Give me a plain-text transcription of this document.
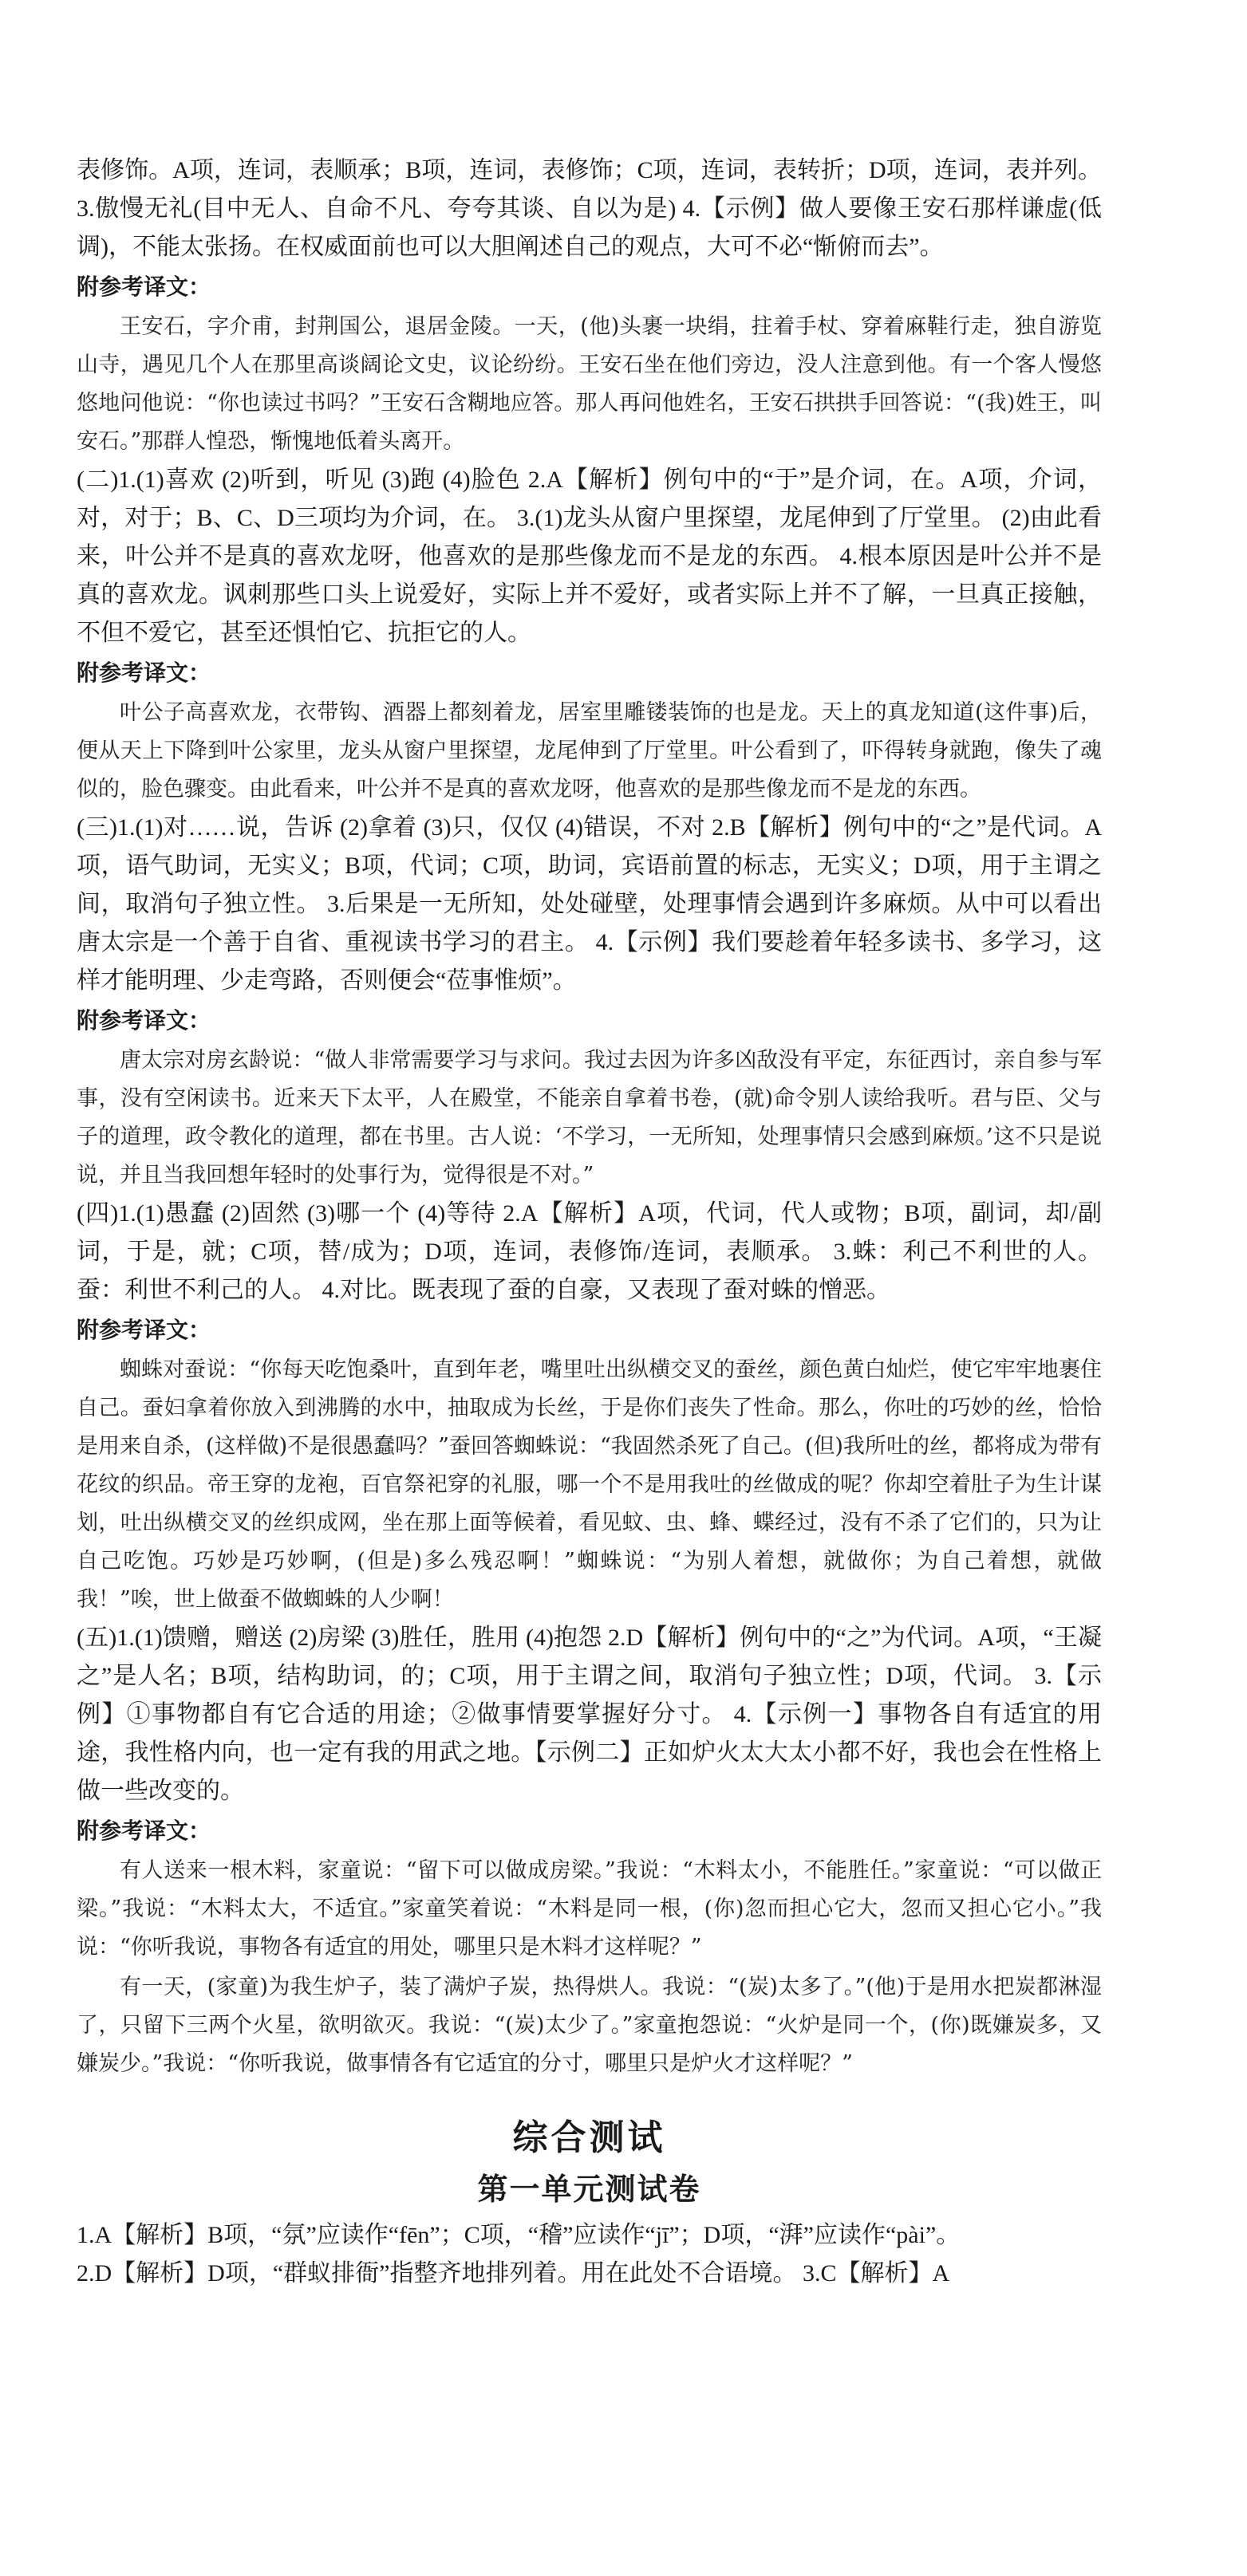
表修饰。A项，连词，表顺承；B项，连词，表修饰；C项，连词，表转折；D项，连词，表并列。 3.傲慢无礼(目中无人、自命不凡、夸夸其谈、自以为是) 4.【示例】做人要像王安石那样谦虚(低调)，不能太张扬。在权威面前也可以大胆阐述自己的观点，大可不必“惭俯而去”。

附参考译文：

王安石，字介甫，封荆国公，退居金陵。一天，(他)头裹一块绢，拄着手杖、穿着麻鞋行走，独自游览山寺，遇见几个人在那里高谈阔论文史，议论纷纷。王安石坐在他们旁边，没人注意到他。有一个客人慢悠悠地问他说：“你也读过书吗？”王安石含糊地应答。那人再问他姓名，王安石拱拱手回答说：“(我)姓王，叫安石。”那群人惶恐，惭愧地低着头离开。

(二)1.(1)喜欢 (2)听到，听见 (3)跑 (4)脸色 2.A【解析】例句中的“于”是介词，在。A项，介词，对，对于；B、C、D三项均为介词，在。 3.(1)龙头从窗户里探望，龙尾伸到了厅堂里。 (2)由此看来，叶公并不是真的喜欢龙呀，他喜欢的是那些像龙而不是龙的东西。 4.根本原因是叶公并不是真的喜欢龙。讽刺那些口头上说爱好，实际上并不爱好，或者实际上并不了解，一旦真正接触，不但不爱它，甚至还惧怕它、抗拒它的人。

附参考译文：

叶公子高喜欢龙，衣带钩、酒器上都刻着龙，居室里雕镂装饰的也是龙。天上的真龙知道(这件事)后，便从天上下降到叶公家里，龙头从窗户里探望，龙尾伸到了厅堂里。叶公看到了，吓得转身就跑，像失了魂似的，脸色骤变。由此看来，叶公并不是真的喜欢龙呀，他喜欢的是那些像龙而不是龙的东西。

(三)1.(1)对……说，告诉 (2)拿着 (3)只，仅仅 (4)错误，不对 2.B【解析】例句中的“之”是代词。A项，语气助词，无实义；B项，代词；C项，助词，宾语前置的标志，无实义；D项，用于主谓之间，取消句子独立性。 3.后果是一无所知，处处碰壁，处理事情会遇到许多麻烦。从中可以看出唐太宗是一个善于自省、重视读书学习的君主。 4.【示例】我们要趁着年轻多读书、多学习，这样才能明理、少走弯路，否则便会“莅事惟烦”。

附参考译文：

唐太宗对房玄龄说：“做人非常需要学习与求问。我过去因为许多凶敌没有平定，东征西讨，亲自参与军事，没有空闲读书。近来天下太平，人在殿堂，不能亲自拿着书卷，(就)命令别人读给我听。君与臣、父与子的道理，政令教化的道理，都在书里。古人说：‘不学习，一无所知，处理事情只会感到麻烦。’这不只是说说，并且当我回想年轻时的处事行为，觉得很是不对。”

(四)1.(1)愚蠢 (2)固然 (3)哪一个 (4)等待 2.A【解析】A项，代词，代人或物；B项，副词，却/副词，于是，就；C项，替/成为；D项，连词，表修饰/连词，表顺承。 3.蛛：利己不利世的人。蚕：利世不利己的人。 4.对比。既表现了蚕的自豪，又表现了蚕对蛛的憎恶。

附参考译文：

蜘蛛对蚕说：“你每天吃饱桑叶，直到年老，嘴里吐出纵横交叉的蚕丝，颜色黄白灿烂，使它牢牢地裹住自己。蚕妇拿着你放入到沸腾的水中，抽取成为长丝，于是你们丧失了性命。那么，你吐的巧妙的丝，恰恰是用来自杀，(这样做)不是很愚蠢吗？”蚕回答蜘蛛说：“我固然杀死了自己。(但)我所吐的丝，都将成为带有花纹的织品。帝王穿的龙袍，百官祭祀穿的礼服，哪一个不是用我吐的丝做成的呢？你却空着肚子为生计谋划，吐出纵横交叉的丝织成网，坐在那上面等候着，看见蚊、虫、蜂、蝶经过，没有不杀了它们的，只为让自己吃饱。巧妙是巧妙啊，(但是)多么残忍啊！”蜘蛛说：“为别人着想，就做你；为自己着想，就做我！”唉，世上做蚕不做蜘蛛的人少啊！

(五)1.(1)馈赠，赠送 (2)房梁 (3)胜任，胜用 (4)抱怨 2.D【解析】例句中的“之”为代词。A项，“王凝之”是人名；B项，结构助词，的；C项，用于主谓之间，取消句子独立性；D项，代词。 3.【示例】①事物都自有它合适的用途；②做事情要掌握好分寸。 4.【示例一】事物各自有适宜的用途，我性格内向，也一定有我的用武之地。【示例二】正如炉火太大太小都不好，我也会在性格上做一些改变的。

附参考译文：

有人送来一根木料，家童说：“留下可以做成房梁。”我说：“木料太小，不能胜任。”家童说：“可以做正梁。”我说：“木料太大，不适宜。”家童笑着说：“木料是同一根，(你)忽而担心它大，忽而又担心它小。”我说：“你听我说，事物各有适宜的用处，哪里只是木料才这样呢？”

有一天，(家童)为我生炉子，装了满炉子炭，热得烘人。我说：“(炭)太多了。”(他)于是用水把炭都淋湿了，只留下三两个火星，欲明欲灭。我说：“(炭)太少了。”家童抱怨说：“火炉是同一个，(你)既嫌炭多，又嫌炭少。”我说：“你听我说，做事情各有它适宜的分寸，哪里只是炉火才这样呢？”

综合测试
第一单元测试卷

1.A【解析】B项，“氛”应读作“fēn”；C项，“稽”应读作“jī”；D项，“湃”应读作“pài”。

2.D【解析】D项，“群蚁排衙”指整齐地排列着。用在此处不合语境。 3.C【解析】A
